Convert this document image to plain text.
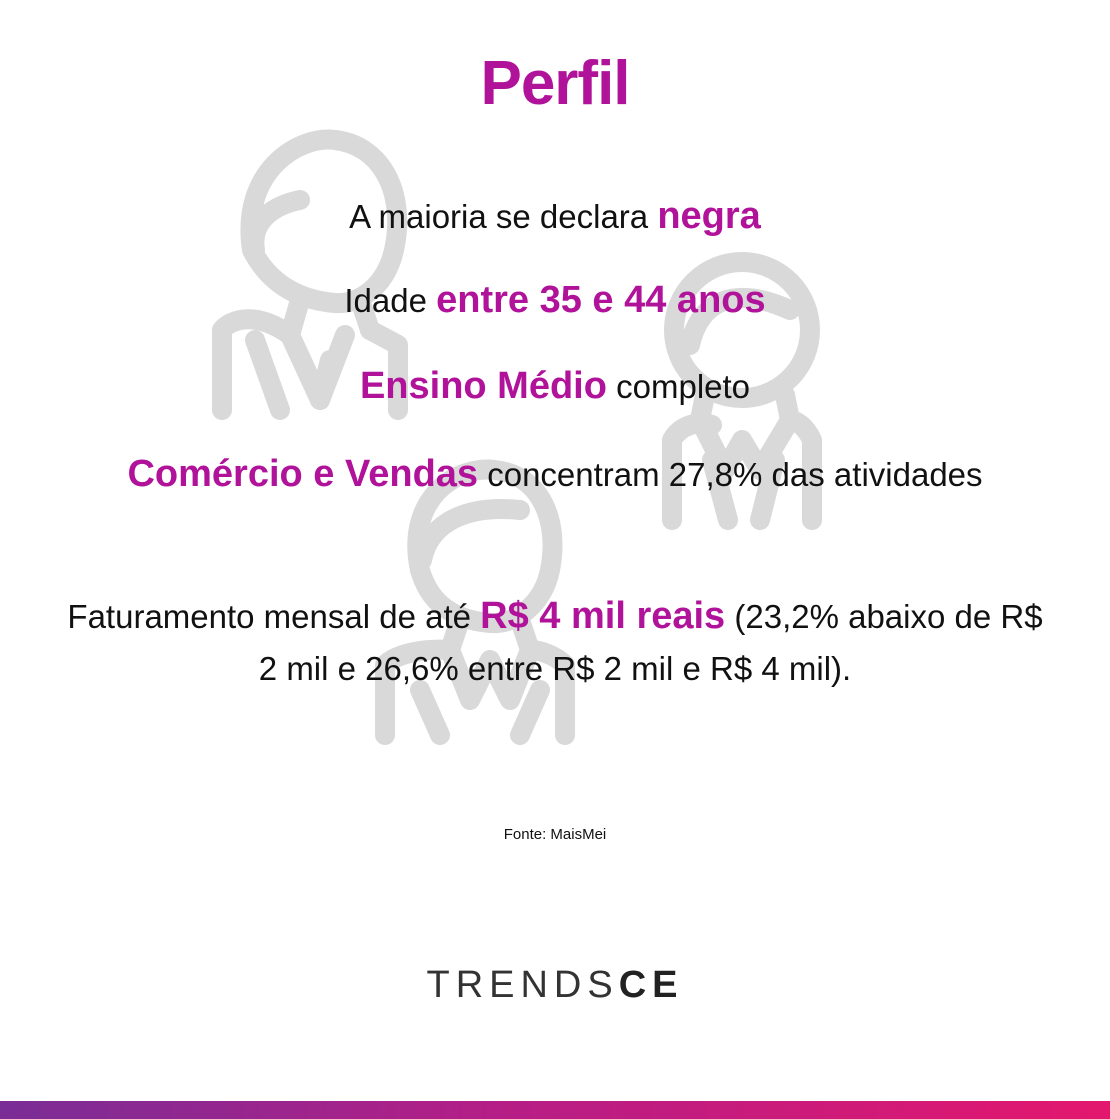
Perfil

A maioria se declara negra

Idade entre 35 e 44 anos

Ensino Médio completo

Comércio e Vendas concentram 27,8% das atividades

Faturamento mensal de até R$ 4 mil reais (23,2% abaixo de R$ 2 mil e 26,6% entre R$ 2 mil e R$ 4 mil).

Fonte: MaisMei
TRENDSCE
